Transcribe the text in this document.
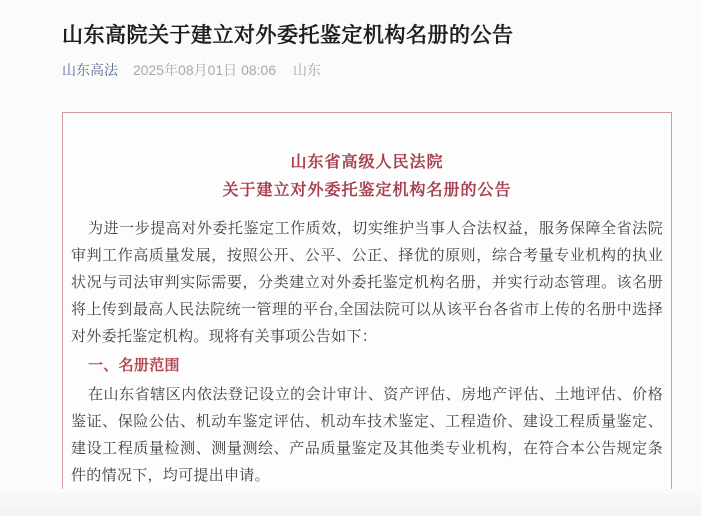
山东高院关于建立对外委托鉴定机构名册的公告
山东高法 2025年08月01日 08:06 山东
山东省高级人民法院
关于建立对外委托鉴定机构名册的公告

为进一步提高对外委托鉴定工作质效，切实维护当事人合法权益，服务保障全省法院审判工作高质量发展，按照公开、公平、公正、择优的原则，综合考量专业机构的执业状况与司法审判实际需要，分类建立对外委托鉴定机构名册，并实行动态管理。该名册将上传到最高人民法院统一管理的平台,全国法院可以从该平台各省市上传的名册中选择对外委托鉴定机构。现将有关事项公告如下：

一、名册范围

在山东省辖区内依法登记设立的会计审计、资产评估、房地产评估、土地评估、价格鉴证、保险公估、机动车鉴定评估、机动车技术鉴定、工程造价、建设工程质量鉴定、建设工程质量检测、测量测绘、产品质量鉴定及其他类专业机构，在符合本公告规定条件的情况下，均可提出申请。
